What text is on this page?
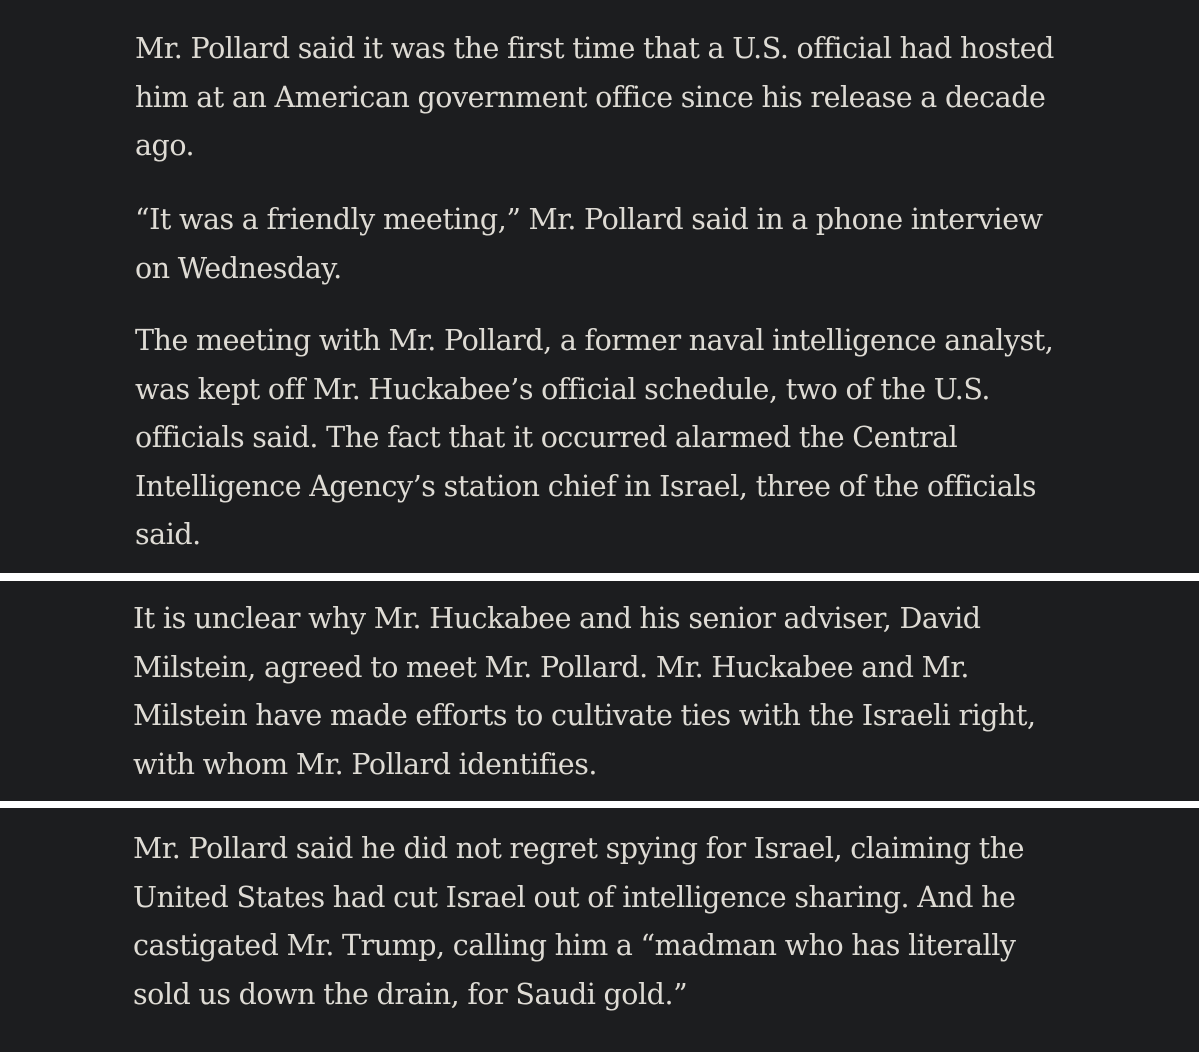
Mr. Pollard said it was the first time that a U.S. official had hosted
him at an American government office since his release a decade
ago.

“It was a friendly meeting,” Mr. Pollard said in a phone interview
on Wednesday.

The meeting with Mr. Pollard, a former naval intelligence analyst,
was kept off Mr. Huckabee’s official schedule, two of the U.S.
officials said. The fact that it occurred alarmed the Central
Intelligence Agency’s station chief in Israel, three of the officials
said.

It is unclear why Mr. Huckabee and his senior adviser, David
Milstein, agreed to meet Mr. Pollard. Mr. Huckabee and Mr.
Milstein have made efforts to cultivate ties with the Israeli right,
with whom Mr. Pollard identifies.

Mr. Pollard said he did not regret spying for Israel, claiming the
United States had cut Israel out of intelligence sharing. And he
castigated Mr. Trump, calling him a “madman who has literally
sold us down the drain, for Saudi gold.”
